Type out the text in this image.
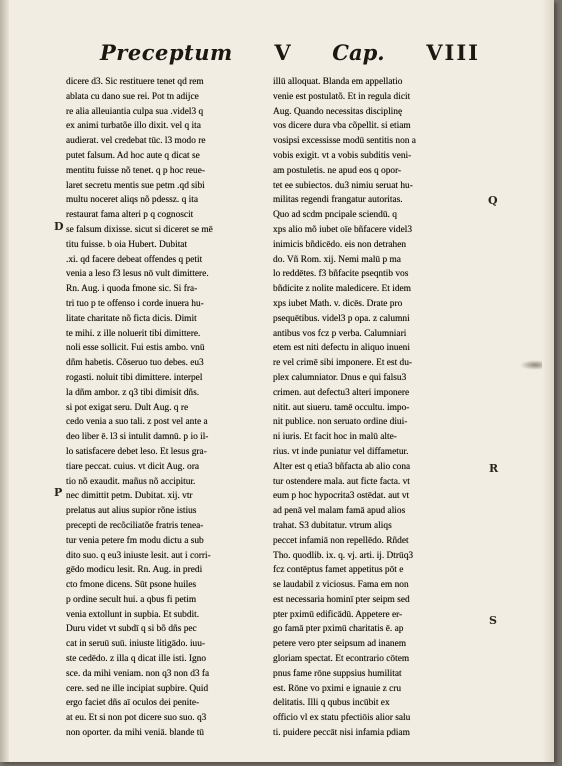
Preceptum V Cap. VIII
dicere d3. Sic restituere tenet qd rem
ablata cu dano sue rei. Pot tn adijce
re alia alleuiantia culpa sua .videl3 q
ex animi turbatõe illo dixit. vel q ita
audierat. vel credebat tūc. l3 modo re
putet falsum. Ad hoc aute q dicat se
mentitu fuisse nõ tenet. q p hoc reue-
laret secretu mentis sue petm .qd sibi
multu noceret aliqs nõ pdessz. q ita
restaurat fama alteri p q cognoscit
se falsum dixisse. sicut si diceret se mē
titu fuisse. b oia Hubert. Dubitat
.xi. qd facere debeat offendes q petit
venia a leso f3 lesus nō vult dimittere.
Rn. Aug. i quoda fmone sic. Si fra-
tri tuo p te offenso i corde inuera hu-
litate charitate nõ ficta dicis. Dimit
te mihi. z ille noluerit tibi dimittere.
noli esse sollicit. Fui estis ambo. vnū
dñm habetis. Cõseruo tuo debes. eu3
rogasti. noluit tibi dimittere. interpel
la dñm ambor. z q3 tibi dimisit dñs.
si pot exigat seru. Dult Aug. q re
cedo venia a suo tali. z post vel ante a
deo liber ē. l3 si intulit damnū. p io il-
lo satisfacere debet leso. Et lesus gra-
tiare peccat. cuius. vt dicit Aug. ora
tio nõ exaudit. mañus nõ accipitur.
nec dimittit petm. Dubitat. xij. vtr
prelatus aut alius supior rõne istius
precepti de recõciliatõe fratris tenea-
tur venia petere fm modu dictu a sub
dito suo. q eu3 iniuste lesit. aut i corri-
gēdo modicu lesit. Rn. Aug. in predi
cto fmone dicens. Sūt psone huiles
p ordine secult hui. a qbus fi petim
venia extollunt in supbia. Et subdit.
Duru videt vt subdī q si bõ dñs pec
cat in seruū suū. iniuste litigādo. iuu-
ste cedēdo. z illa q dicat ille isti. Igno
sce. da mihi veniam. non q3 non d3 fa
cere. sed ne ille incipiat supbire. Quid
ergo faciet dñs aī oculos dei penite-
at eu. Et si non pot dicere suo suo. q3
non oporter. da mihi veniā. blande tū
illū alloquat. Blanda em appellatio
venie est postulatõ. Et in regula dicit
Aug. Quando necessitas disciplinę
vos dicere dura vba cõpellit. si etiam
vosipsi excessisse modū sentitis non a
vobis exigit. vt a vobis subditis veni-
am postuletis. ne apud eos q opor-
tet ee subiectos. du3 nimiu seruat hu-
militas regendi frangatur autoritas.
Quo ad scdm pncipale sciendū. q
xps alio mõ iubet oīe bñfacere videl3
inimicis bñdicēdo. eis non detrahen
do. Vñ Rom. xij. Nemi malū p ma
lo reddētes. f3 bñfacite pseqntib vos
bñdicite z nolite maledicere. Et idem
xps iubet Math. v. dicēs. Drate pro
psequētibus. videl3 p opa. z calumni
antibus vos fcz p verba. Calumniari
etem est niti defectu in aliquo inueni
re vel crimē sibi imponere. Et est du-
plex calumniator. Dnus e qui falsu3
crimen. aut defectu3 alteri imponere
nitit. aut siueru. tamē occultu. impo-
nit publice. non seruato ordine diui-
ni iuris. Et facit hoc in malū alte-
rius. vt inde puniatur vel diffametur.
Alter est q etia3 bñfacta ab alio cona
tur ostendere mala. aut ficte facta. vt
eum p hoc hypocrita3 ostēdat. aut vt
ad penā vel malam famā apud alios
trahat. S3 dubitatur. vtrum aliqs
peccet infamiā non repellēdo. Rñdet
Tho. quodlib. ix. q. vj. arti. ij. Dtrūq3
fcz contēptus famet appetitus pōt e
se laudabil z viciosus. Fama em non
est necessaria hominī pter seipm sed
pter pximū edificādū. Appetere er-
go famā pter pximū charitatis ē. ap
petere vero pter seipsum ad inanem
gloriam spectat. Et econtrario cōtem
pnus fame rōne suppsius humilitat
est. Rōne vo pximi e ignauie z cru
delitatis. Illi q qubus incūbit ex
officio vl ex statu pfectiōis alior salu
ti. puidere peccāt nisi infamia pdiam
D
P
Q
R
S
